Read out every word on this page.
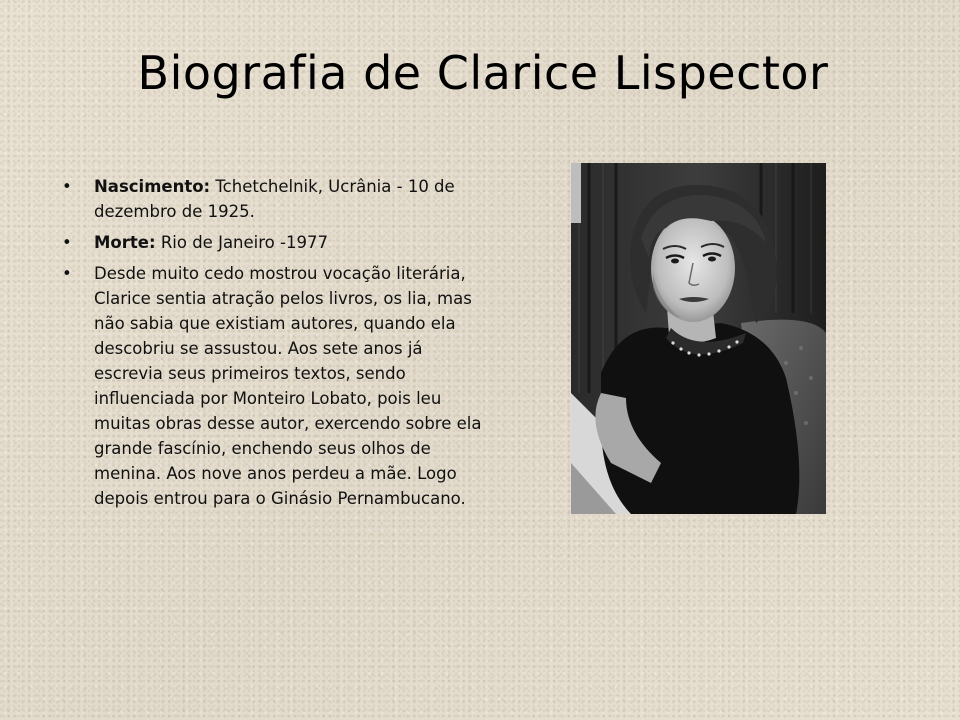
Biografia de Clarice Lispector
• Nascimento: Tchetchelnik, Ucrânia - 10 de dezembro de 1925.
• Morte: Rio de Janeiro -1977
• Desde muito cedo mostrou vocação literária, Clarice sentia atração pelos livros, os lia, mas não sabia que existiam autores, quando ela descobriu se assustou. Aos sete anos já escrevia seus primeiros textos, sendo influenciada por Monteiro Lobato, pois leu muitas obras desse autor, exercendo sobre ela grande fascínio, enchendo seus olhos de menina. Aos nove anos perdeu a mãe. Logo depois entrou para o Ginásio Pernambucano.
